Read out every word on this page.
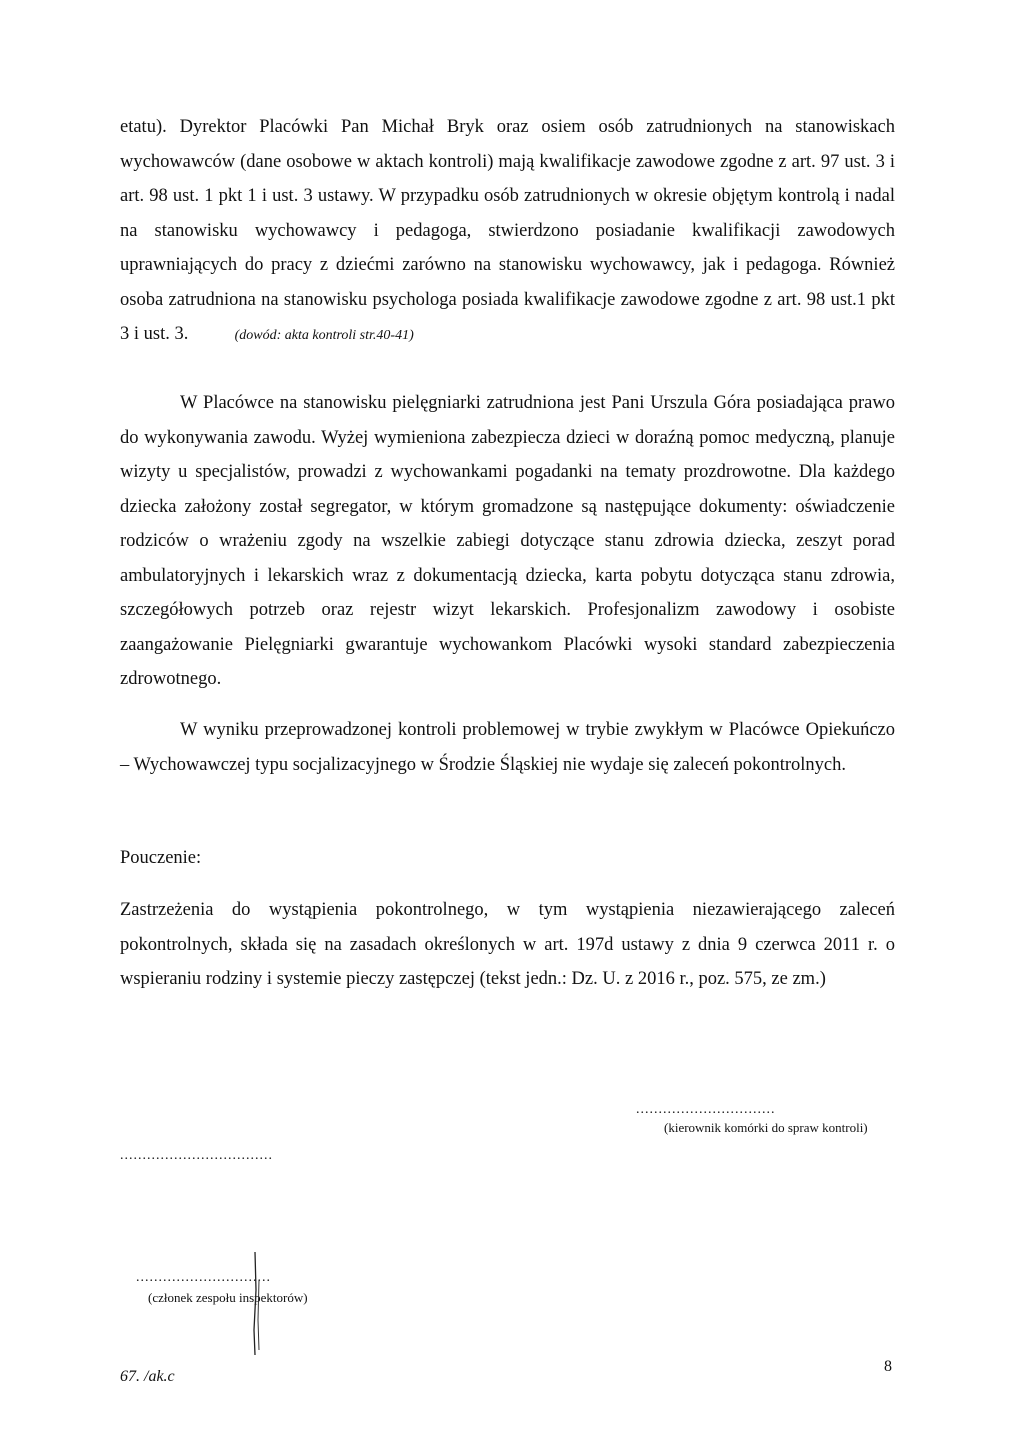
etatu). Dyrektor Placówki Pan Michał Bryk oraz osiem osób zatrudnionych na stanowiskach wychowawców (dane osobowe w aktach kontroli) mają kwalifikacje zawodowe zgodne z art. 97 ust. 3 i art. 98 ust. 1 pkt 1 i ust. 3 ustawy. W przypadku osób zatrudnionych w okresie objętym kontrolą i nadal na stanowisku wychowawcy i pedagoga, stwierdzono posiadanie kwalifikacji zawodowych uprawniających do pracy z dziećmi zarówno na stanowisku wychowawcy, jak i pedagoga. Również osoba zatrudniona na stanowisku psychologa posiada kwalifikacje zawodowe zgodne z art. 98 ust.1 pkt 3 i ust. 3.	(dowód: akta kontroli str.40-41)

W Placówce na stanowisku pielęgniarki zatrudniona jest Pani Urszula Góra posiadająca prawo do wykonywania zawodu. Wyżej wymieniona zabezpiecza dzieci w doraźną pomoc medyczną, planuje wizyty u specjalistów, prowadzi z wychowankami pogadanki na tematy prozdrowotne. Dla każdego dziecka założony został segregator, w którym gromadzone są następujące dokumenty: oświadczenie rodziców o wrażeniu zgody na wszelkie zabiegi dotyczące stanu zdrowia dziecka, zeszyt porad ambulatoryjnych i lekarskich wraz z dokumentacją dziecka, karta pobytu dotycząca stanu zdrowia, szczegółowych potrzeb oraz rejestr wizyt lekarskich. Profesjonalizm zawodowy i osobiste zaangażowanie Pielęgniarki gwarantuje wychowankom Placówki wysoki standard zabezpieczenia zdrowotnego.

W wyniku przeprowadzonej kontroli problemowej w trybie zwykłym w Placówce Opiekuńczo – Wychowawczej typu socjalizacyjnego w Środzie Śląskiej nie wydaje się zaleceń pokontrolnych.

Pouczenie:

Zastrzeżenia do wystąpienia pokontrolnego, w tym wystąpienia niezawierającego zaleceń pokontrolnych, składa się na zasadach określonych w art. 197d ustawy z dnia 9 czerwca 2011 r. o wspieraniu rodziny i systemie pieczy zastępczej (tekst jedn.: Dz. U. z 2016 r., poz. 575, ze zm.)

...............................
(kierownik komórki do spraw kontroli)
..................................
..............................
(członek zespołu inspektorów)
67. /ak.c
8
